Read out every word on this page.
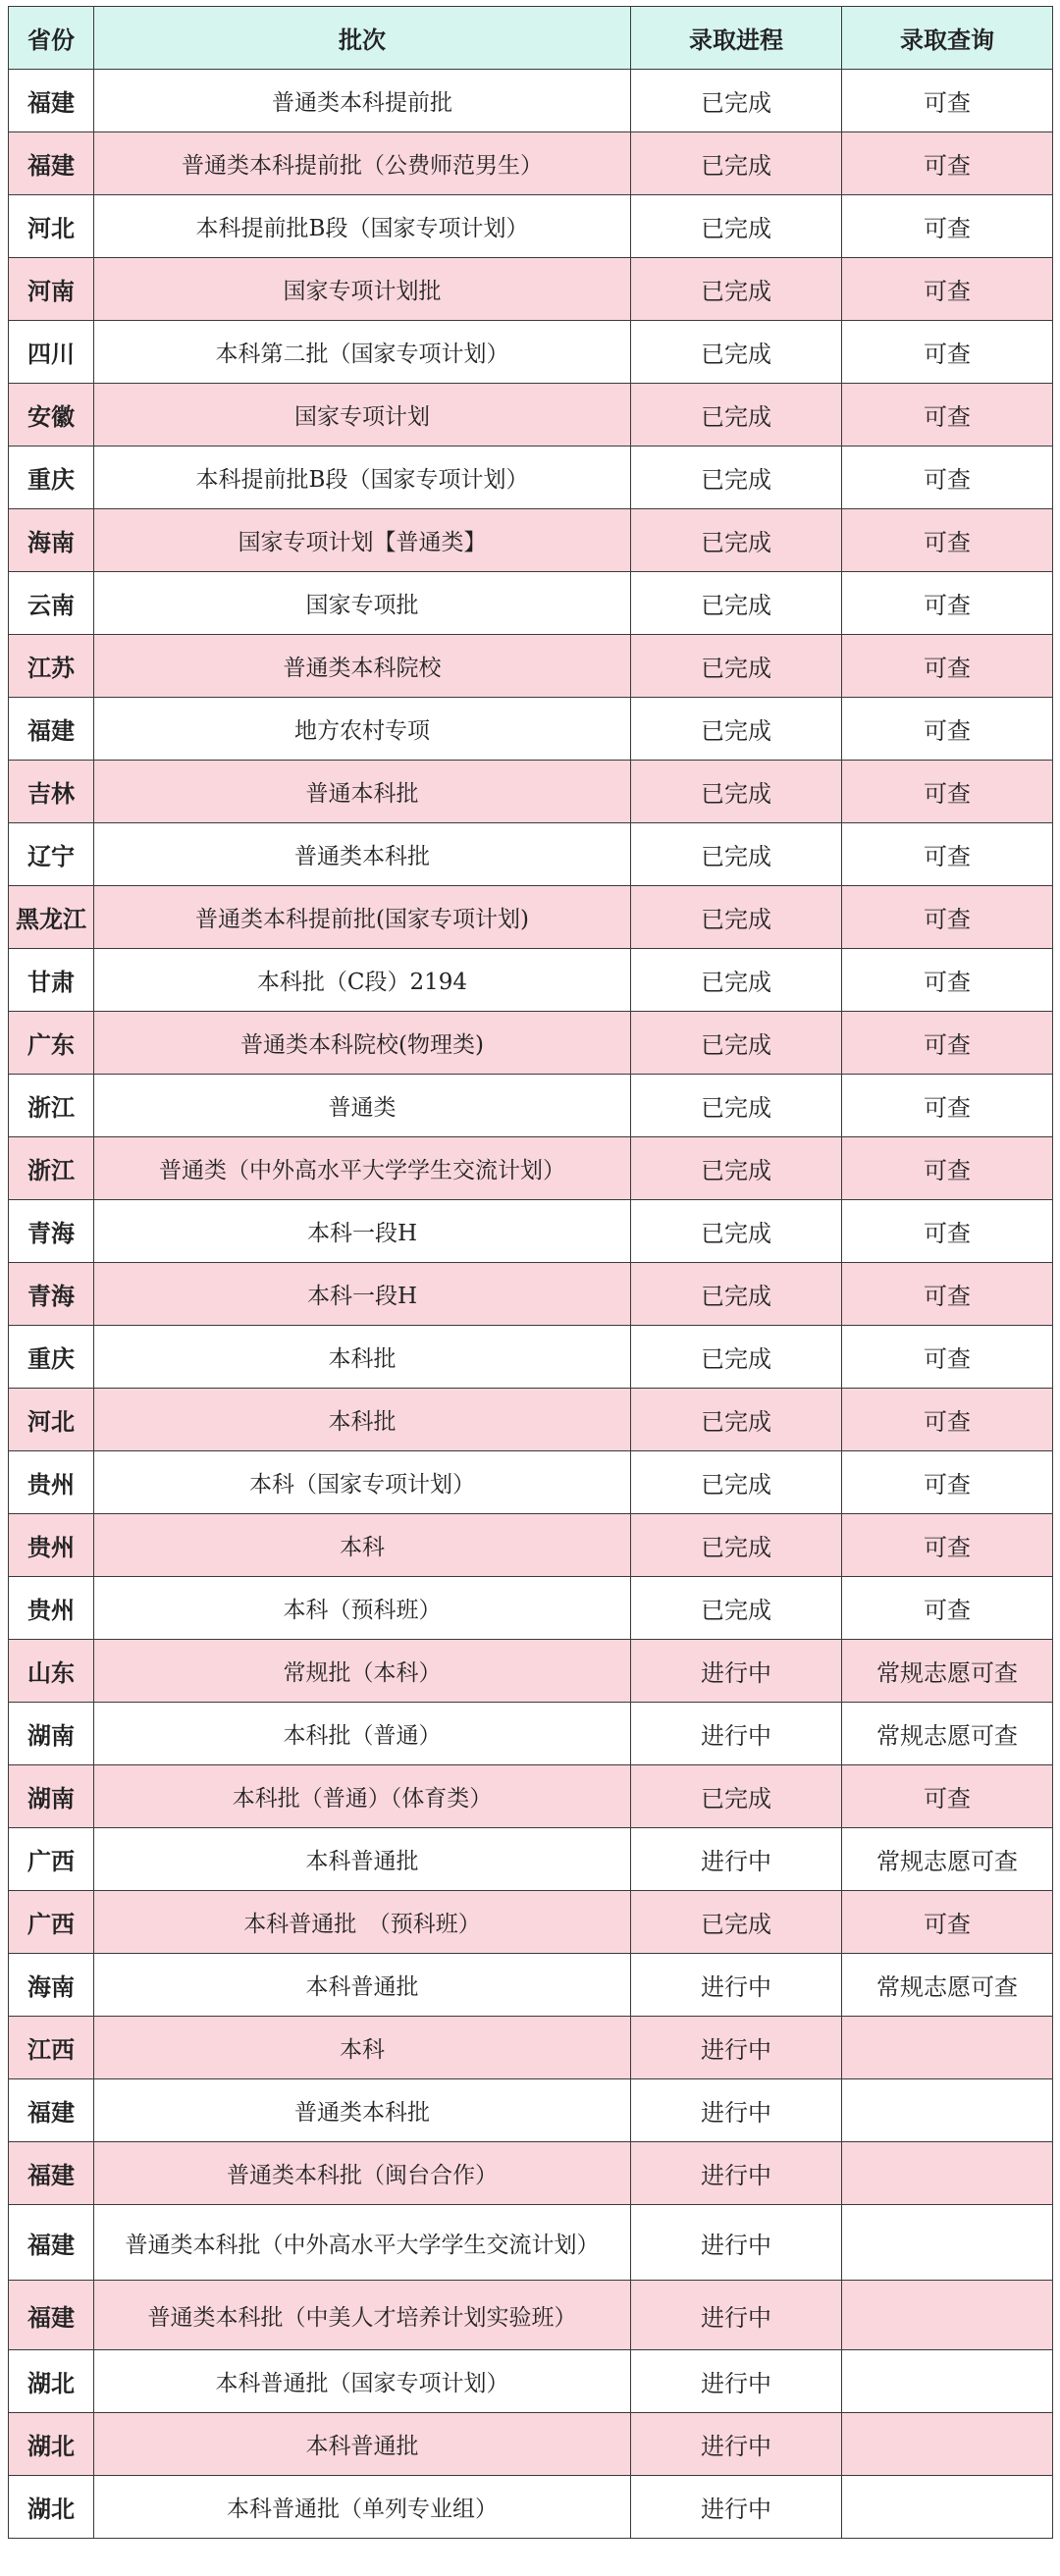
省份	批次	录取进程	录取查询
福建	普通类本科提前批	已完成	可查
福建	普通类本科提前批（公费师范男生）	已完成	可查
河北	本科提前批B段（国家专项计划）	已完成	可查
河南	国家专项计划批	已完成	可查
四川	本科第二批（国家专项计划）	已完成	可查
安徽	国家专项计划	已完成	可查
重庆	本科提前批B段（国家专项计划）	已完成	可查
海南	国家专项计划【普通类】	已完成	可查
云南	国家专项批	已完成	可查
江苏	普通类本科院校	已完成	可查
福建	地方农村专项	已完成	可查
吉林	普通本科批	已完成	可查
辽宁	普通类本科批	已完成	可查
黑龙江	普通类本科提前批(国家专项计划)	已完成	可查
甘肃	本科批（C段）2194	已完成	可查
广东	普通类本科院校(物理类)	已完成	可查
浙江	普通类	已完成	可查
浙江	普通类（中外高水平大学学生交流计划）	已完成	可查
青海	本科一段H	已完成	可查
青海	本科一段H	已完成	可查
重庆	本科批	已完成	可查
河北	本科批	已完成	可查
贵州	本科（国家专项计划）	已完成	可查
贵州	本科	已完成	可查
贵州	本科（预科班）	已完成	可查
山东	常规批（本科）	进行中	常规志愿可查
湖南	本科批（普通）	进行中	常规志愿可查
湖南	本科批（普通）（体育类）	已完成	可查
广西	本科普通批	进行中	常规志愿可查
广西	本科普通批　（预科班）	已完成	可查
海南	本科普通批	进行中	常规志愿可查
江西	本科	进行中	
福建	普通类本科批	进行中	
福建	普通类本科批（闽台合作）	进行中	
福建	普通类本科批（中外高水平大学学生交流计划）	进行中	
福建	普通类本科批（中美人才培养计划实验班）	进行中	
湖北	本科普通批（国家专项计划）	进行中	
湖北	本科普通批	进行中	
湖北	本科普通批（单列专业组）	进行中	
